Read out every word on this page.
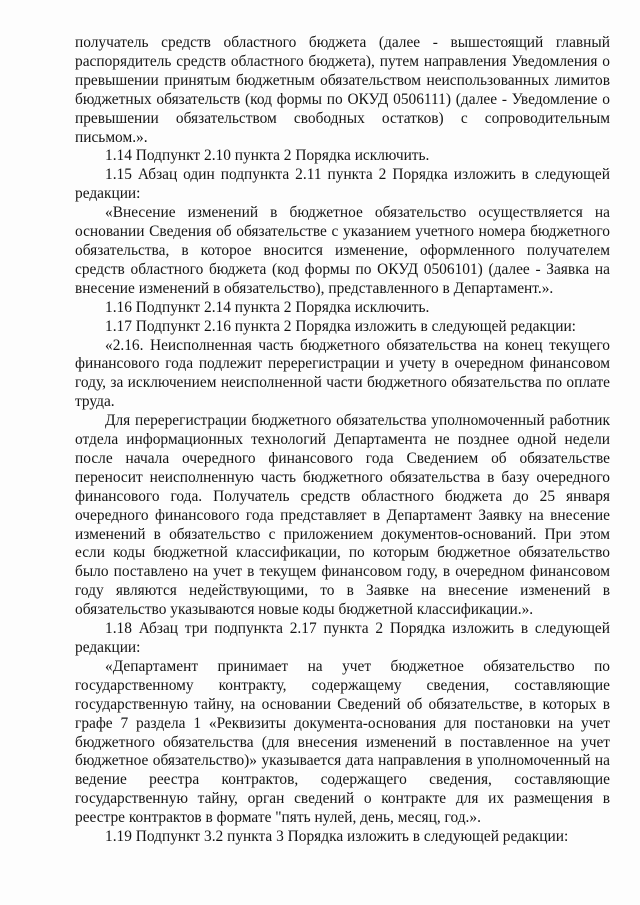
получатель средств областного бюджета (далее - вышестоящий главный распорядитель средств областного бюджета), путем направления Уведомления о превышении принятым бюджетным обязательством неиспользованных лимитов бюджетных обязательств (код формы по ОКУД 0506111) (далее - Уведомление о превышении обязательством свободных остатков) с сопроводительным письмом.».

1.14 Подпункт 2.10 пункта 2 Порядка исключить.

1.15 Абзац один подпункта 2.11 пункта 2 Порядка изложить в следующей редакции:

«Внесение изменений в бюджетное обязательство осуществляется на основании Сведения об обязательстве с указанием учетного номера бюджетного обязательства, в которое вносится изменение, оформленного получателем средств областного бюджета (код формы по ОКУД 0506101) (далее - Заявка на внесение изменений в обязательство), представленного в Департамент.».

1.16 Подпункт 2.14 пункта 2 Порядка исключить.

1.17 Подпункт 2.16 пункта 2 Порядка изложить в следующей редакции:

«2.16. Неисполненная часть бюджетного обязательства на конец текущего финансового года подлежит перерегистрации и учету в очередном финансовом году, за исключением неисполненной части бюджетного обязательства по оплате труда.

Для перерегистрации бюджетного обязательства уполномоченный работник отдела информационных технологий Департамента не позднее одной недели после начала очередного финансового года Сведением об обязательстве переносит неисполненную часть бюджетного обязательства в базу очередного финансового года. Получатель средств областного бюджета до 25 января очередного финансового года представляет в Департамент Заявку на внесение изменений в обязательство с приложением документов-оснований. При этом если коды бюджетной классификации, по которым бюджетное обязательство было поставлено на учет в текущем финансовом году, в очередном финансовом году являются недействующими, то в Заявке на внесение изменений в обязательство указываются новые коды бюджетной классификации.».

1.18 Абзац три подпункта 2.17 пункта 2 Порядка изложить в следующей редакции:

«Департамент принимает на учет бюджетное обязательство по государственному контракту, содержащему сведения, составляющие государственную тайну, на основании Сведений об обязательстве, в которых в графе 7 раздела 1 «Реквизиты документа-основания для постановки на учет бюджетного обязательства (для внесения изменений в поставленное на учет бюджетное обязательство)» указывается дата направления в уполномоченный на ведение реестра контрактов, содержащего сведения, составляющие государственную тайну, орган сведений о контракте для их размещения в реестре контрактов в формате "пять нулей, день, месяц, год.».

1.19 Подпункт 3.2 пункта 3 Порядка изложить в следующей редакции:
